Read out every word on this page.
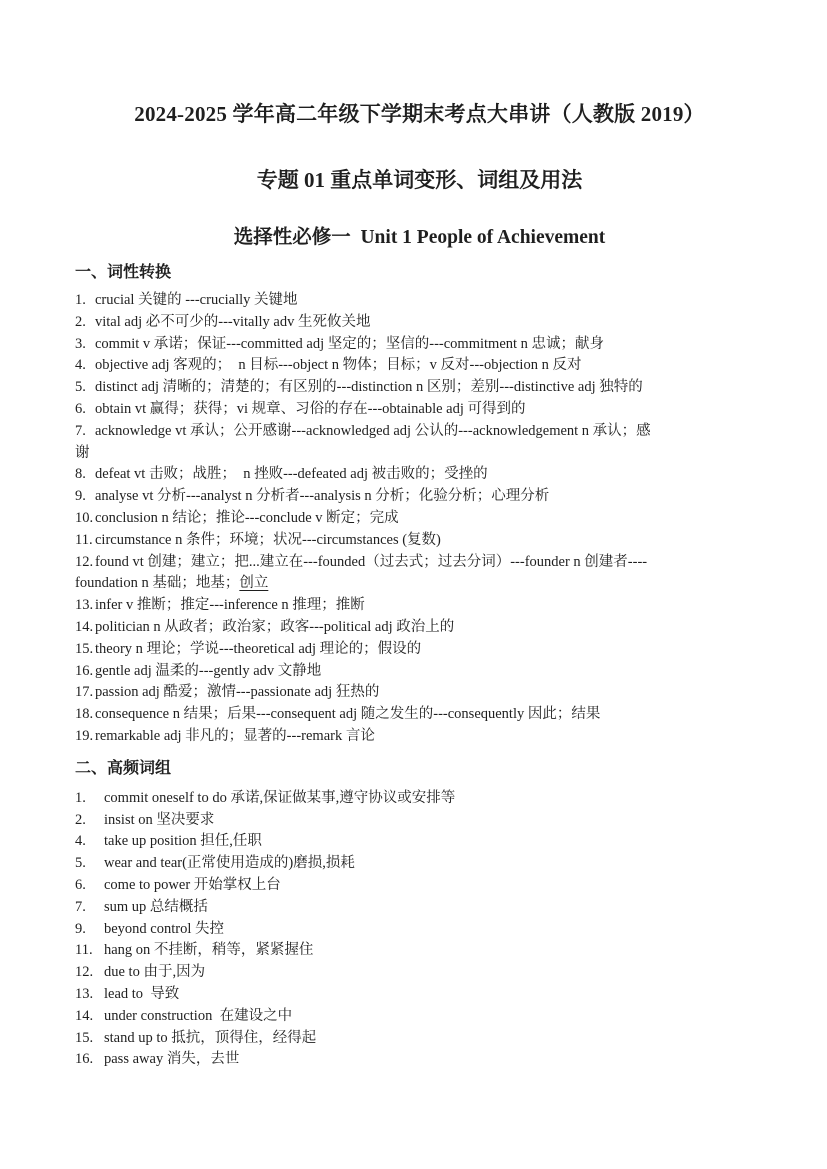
2024-2025 学年高二年级下学期末考点大串讲（人教版 2019）
专题 01 重点单词变形、词组及用法
选择性必修一  Unit 1 People of Achievement
一、词性转换
1. crucial 关键的 ---crucially 关键地
2. vital adj 必不可少的---vitally adv 生死攸关地
3. commit v 承诺；保证---committed adj 坚定的；坚信的---commitment n 忠诚；献身
4. objective adj 客观的；  n 目标---object n 物体；目标；v 反对---objection n 反对
5. distinct adj 清晰的；清楚的；有区别的---distinction n 区别；差别---distinctive adj 独特的
6. obtain vt 赢得；获得；vi 规章、习俗的存在---obtainable adj 可得到的
7. acknowledge vt 承认；公开感谢---acknowledged adj 公认的---acknowledgement n 承认；感
谢
8. defeat vt 击败；战胜；  n 挫败---defeated adj 被击败的；受挫的
9. analyse vt 分析---analyst n 分析者---analysis n 分析；化验分析；心理分析
10. conclusion n 结论；推论---conclude v 断定；完成
11. circumstance n 条件；环境；状况---circumstances (复数)
12. found vt 创建；建立；把...建立在---founded（过去式；过去分词）---founder n 创建者----
foundation n 基础；地基；创立
13. infer v 推断；推定---inference n 推理；推断
14. politician n 从政者；政治家；政客---political adj 政治上的
15. theory n 理论；学说---theoretical adj 理论的；假设的
16. gentle adj 温柔的---gently adv 文静地
17. passion adj 酷爱；激情---passionate adj 狂热的
18. consequence n 结果；后果---consequent adj 随之发生的---consequently 因此；结果
19. remarkable adj 非凡的；显著的---remark 言论
二、高频词组
1. commit oneself to do 承诺,保证做某事,遵守协议或安排等
2. insist on 坚决要求
4. take up position 担任,任职
5. wear and tear(正常使用造成的)磨损,损耗
6. come to power 开始掌权上台
7. sum up 总结概括
9. beyond control 失控
11. hang on 不挂断，稍等，紧紧握住
12. due to 由于,因为
13. lead to  导致
14. under construction  在建设之中
15. stand up to 抵抗，顶得住，经得起
16. pass away 消失，去世
